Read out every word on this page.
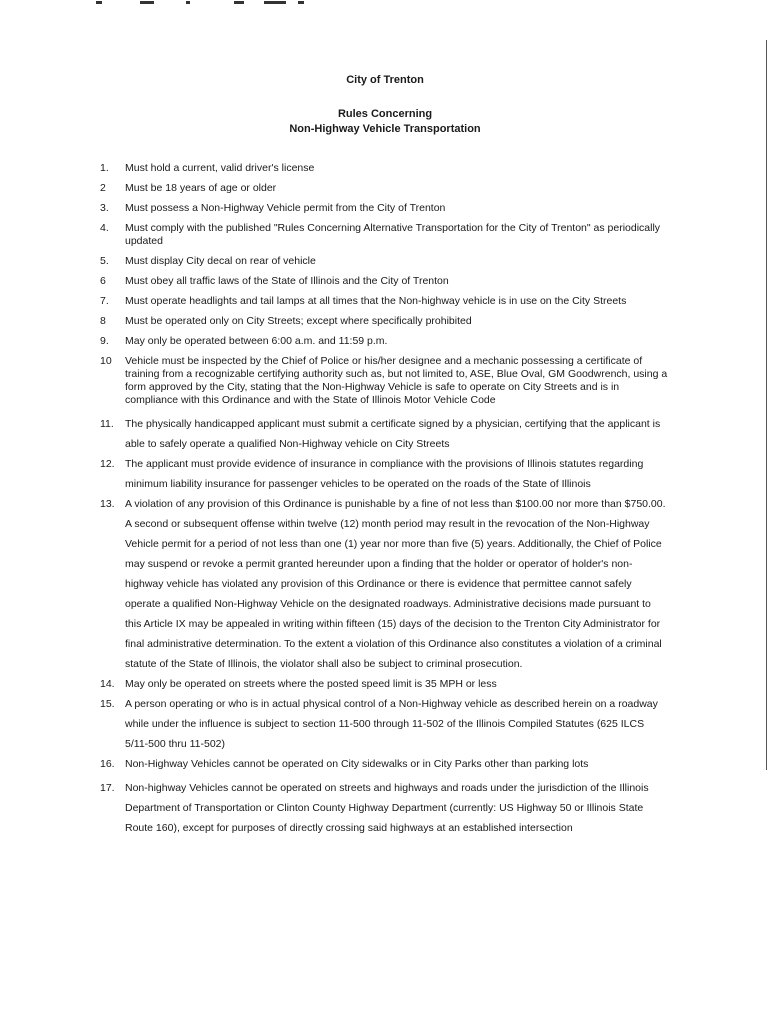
City of Trenton
Rules Concerning
Non-Highway Vehicle Transportation
1. Must hold a current, valid driver's license
2 Must be 18 years of age or older
3. Must possess a Non-Highway Vehicle permit from the City of Trenton
4. Must comply with the published "Rules Concerning Alternative Transportation for the City of Trenton" as periodically updated
5. Must display City decal on rear of vehicle
6 Must obey all traffic laws of the State of Illinois and the City of Trenton
7. Must operate headlights and tail lamps at all times that the Non-highway vehicle is in use on the City Streets
8 Must be operated only on City Streets; except where specifically prohibited
9. May only be operated between 6:00 a.m. and 11:59 p.m.
10 Vehicle must be inspected by the Chief of Police or his/her designee and a mechanic possessing a certificate of training from a recognizable certifying authority such as, but not limited to, ASE, Blue Oval, GM Goodwrench, using a form approved by the City, stating that the Non-Highway Vehicle is safe to operate on City Streets and is in compliance with this Ordinance and with the State of Illinois Motor Vehicle Code
11. The physically handicapped applicant must submit a certificate signed by a physician, certifying that the applicant is able to safely operate a qualified Non-Highway vehicle on City Streets
12. The applicant must provide evidence of insurance in compliance with the provisions of Illinois statutes regarding minimum liability insurance for passenger vehicles to be operated on the roads of the State of Illinois
13. A violation of any provision of this Ordinance is punishable by a fine of not less than $100.00 nor more than $750.00. A second or subsequent offense within twelve (12) month period may result in the revocation of the Non-Highway Vehicle permit for a period of not less than one (1) year nor more than five (5) years. Additionally, the Chief of Police may suspend or revoke a permit granted hereunder upon a finding that the holder or operator of holder's non-highway vehicle has violated any provision of this Ordinance or there is evidence that permittee cannot safely operate a qualified Non-Highway Vehicle on the designated roadways. Administrative decisions made pursuant to this Article IX may be appealed in writing within fifteen (15) days of the decision to the Trenton City Administrator for final administrative determination. To the extent a violation of this Ordinance also constitutes a violation of a criminal statute of the State of Illinois, the violator shall also be subject to criminal prosecution.
14. May only be operated on streets where the posted speed limit is 35 MPH or less
15. A person operating or who is in actual physical control of a Non-Highway vehicle as described herein on a roadway while under the influence is subject to section 11-500 through 11-502 of the Illinois Compiled Statutes (625 ILCS 5/11-500 thru 11-502)
16. Non-Highway Vehicles cannot be operated on City sidewalks or in City Parks other than parking lots
17. Non-highway Vehicles cannot be operated on streets and highways and roads under the jurisdiction of the Illinois Department of Transportation or Clinton County Highway Department (currently: US Highway 50 or Illinois State Route 160), except for purposes of directly crossing said highways at an established intersection
